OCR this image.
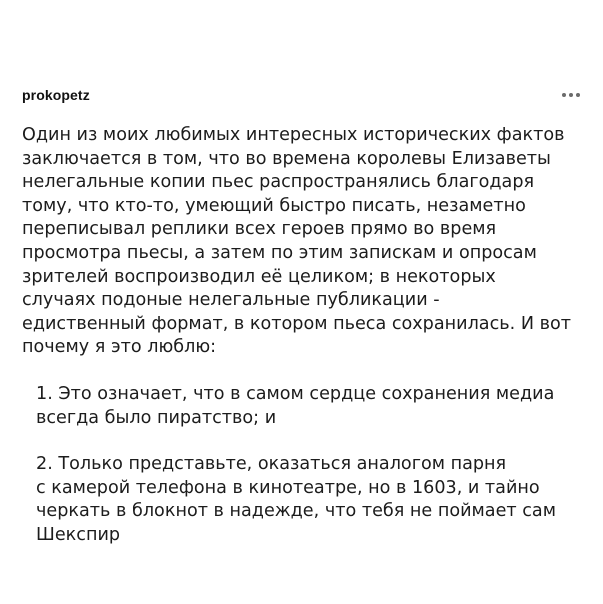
prokopetz

Один из моих любимых интересных исторических фактов
заключается в том, что во времена королевы Елизаветы
нелегальные копии пьес распространялись благодаря
тому, что кто-то, умеющий быстро писать, незаметно
переписывал реплики всех героев прямо во время
просмотра пьесы, а затем по этим запискам и опросам
зрителей воспроизводил её целиком; в некоторых
случаях подоные нелегальные публикации -
едиственный формат, в котором пьеса сохранилась. И вот
почему я это люблю:

1. Это означает, что в самом сердце сохранения медиа
всегда было пиратство; и
2. Только представьте, оказаться аналогом парня
с камерой телефона в кинотеатре, но в 1603, и тайно
черкать в блокнот в надежде, что тебя не поймает сам
Шекспир
